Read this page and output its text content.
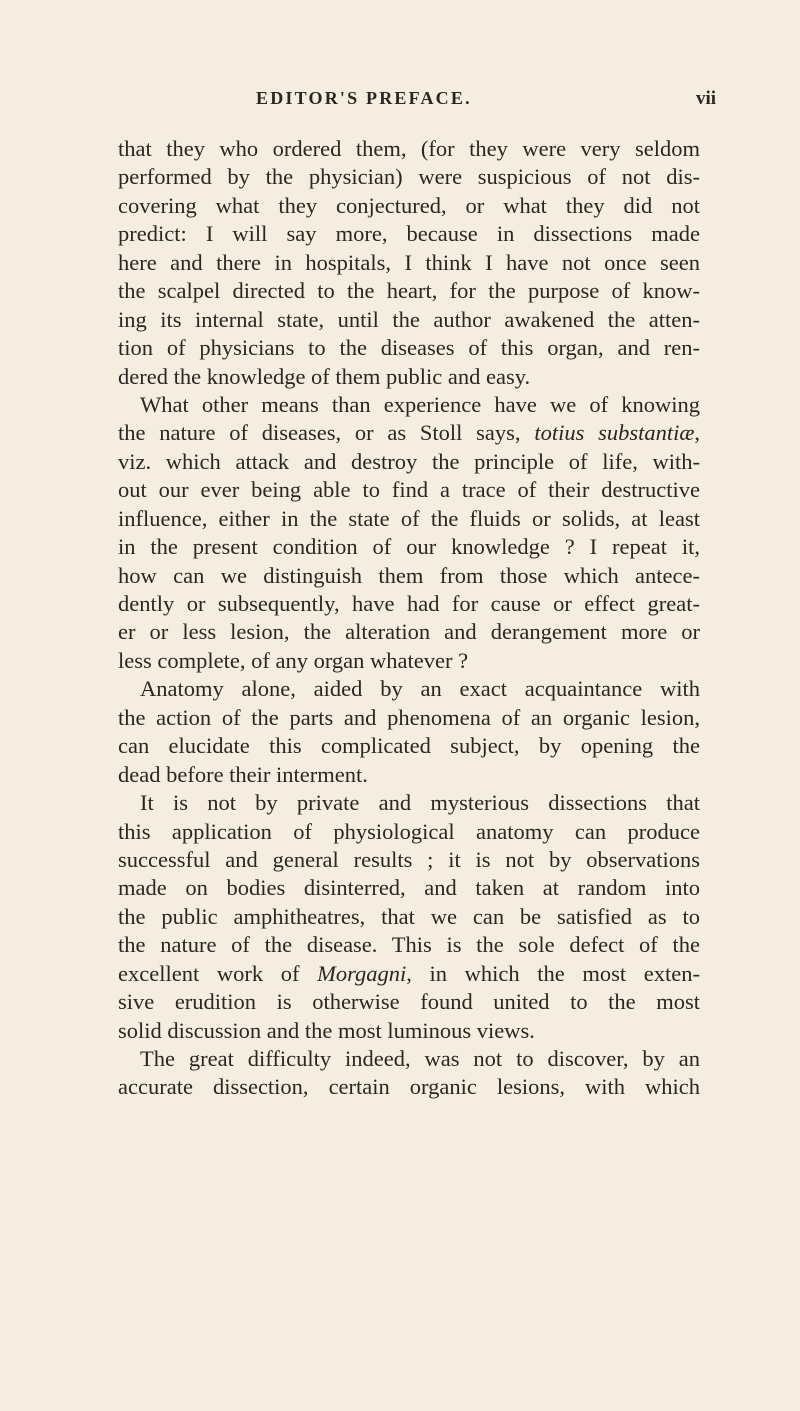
EDITOR'S PREFACE.	vii
that they who ordered them, (for they were very seldom
performed by the physician) were suspicious of not dis-
covering what they conjectured, or what they did not
predict: I will say more, because in dissections made
here and there in hospitals, I think I have not once seen
the scalpel directed to the heart, for the purpose of know-
ing its internal state, until the author awakened the atten-
tion of physicians to the diseases of this organ, and ren-
dered the knowledge of them public and easy.
What other means than experience have we of knowing
the nature of diseases, or as Stoll says, totius substantiæ,
viz. which attack and destroy the principle of life, with-
out our ever being able to find a trace of their destructive
influence, either in the state of the fluids or solids, at least
in the present condition of our knowledge ? I repeat it,
how can we distinguish them from those which antece-
dently or subsequently, have had for cause or effect great-
er or less lesion, the alteration and derangement more or
less complete, of any organ whatever ?
Anatomy alone, aided by an exact acquaintance with
the action of the parts and phenomena of an organic lesion,
can elucidate this complicated subject, by opening the
dead before their interment.
It is not by private and mysterious dissections that
this application of physiological anatomy can produce
successful and general results ; it is not by observations
made on bodies disinterred, and taken at random into
the public amphitheatres, that we can be satisfied as to
the nature of the disease. This is the sole defect of the
excellent work of Morgagni, in which the most exten-
sive erudition is otherwise found united to the most
solid discussion and the most luminous views.
The great difficulty indeed, was not to discover, by an
accurate dissection, certain organic lesions, with which
